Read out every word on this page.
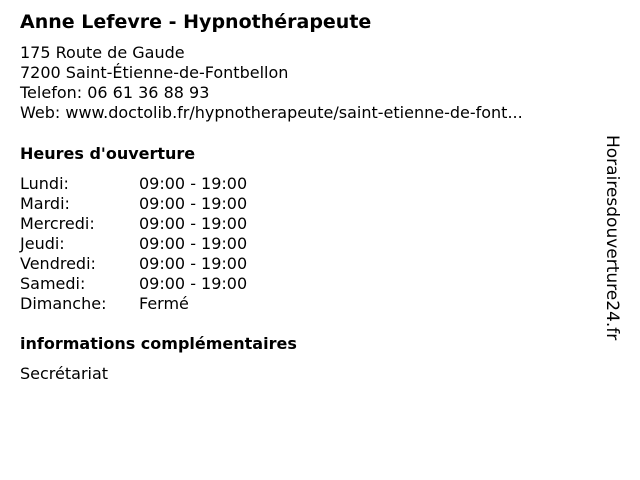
Anne Lefevre - Hypnothérapeute
175 Route de Gaude
7200 Saint-Étienne-de-Fontbellon
Telefon: 06 61 36 88 93
Web: www.doctolib.fr/hypnotherapeute/saint-etienne-de-font...
Heures d'ouverture
Lundi:	09:00 - 19:00
Mardi:	09:00 - 19:00
Mercredi:	09:00 - 19:00
Jeudi:	09:00 - 19:00
Vendredi:	09:00 - 19:00
Samedi:	09:00 - 19:00
Dimanche: Fermé
informations complémentaires
Secrétariat
Horairesdouverture24.fr
